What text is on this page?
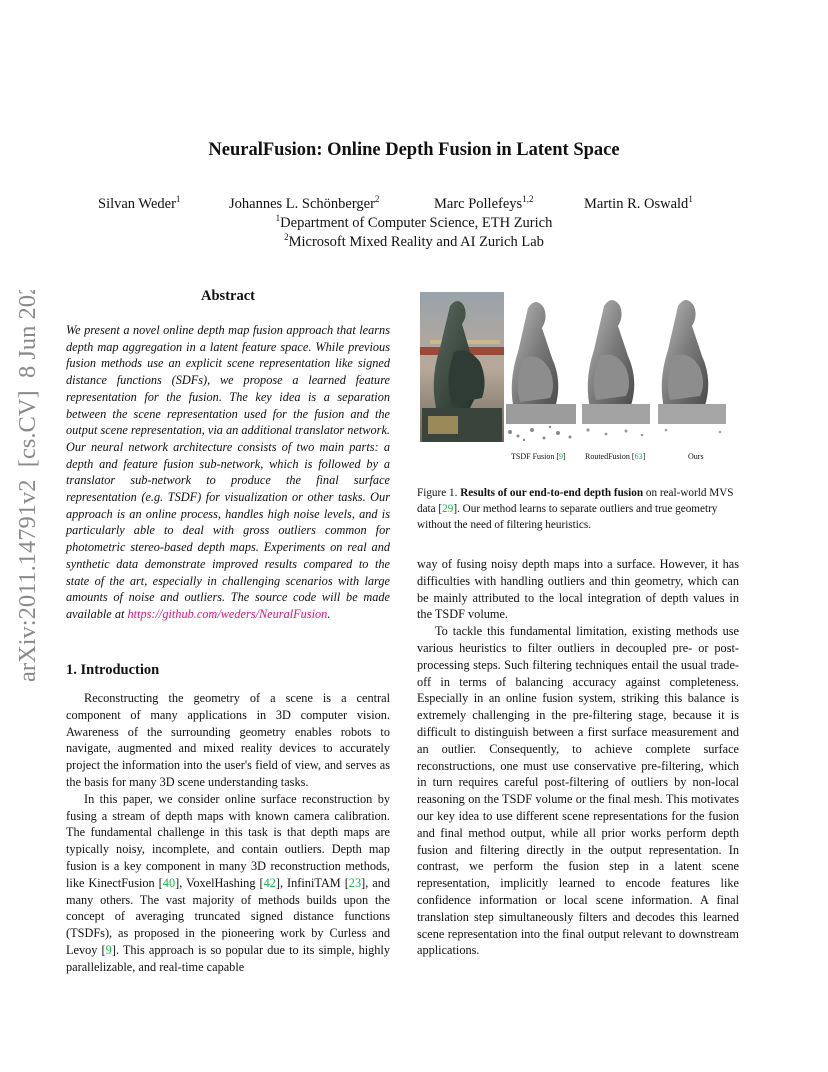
NeuralFusion: Online Depth Fusion in Latent Space
Silvan Weder$^1$	Johannes L. Schönberger$^2$	Marc Pollefeys$^{1,2}$	Martin R. Oswald$^1$
$^1$Department of Computer Science, ETH Zurich
$^2$Microsoft Mixed Reality and AI Zurich Lab
arXiv:2011.14791v2  [cs.CV]  8 Jun 2021	Abstract
We present a novel online depth map fusion approach that learns depth map aggregation in a latent feature space. While previous fusion methods use an explicit scene representation like signed distance functions (SDFs), we propose a learned feature representation for the fusion. The key idea is a separation between the scene representation used for the fusion and the output scene representation, via an additional translator network. Our neural network architecture consists of two main parts: a depth and feature fusion sub-network, which is followed by a translator sub-network to produce the final surface representation (e.g. TSDF) for visualization or other tasks. Our approach is an online process, handles high noise levels, and is particularly able to deal with gross outliers common for photometric stereo-based depth maps. Experiments on real and synthetic data demonstrate improved results compared to the state of the art, especially in challenging scenarios with large amounts of noise and outliers. The source code will be made available at https://github.com/weders/NeuralFusion.
1. Introduction

Reconstructing the geometry of a scene is a central component of many applications in 3D computer vision. Awareness of the surrounding geometry enables robots to navigate, augmented and mixed reality devices to accurately project the information into the user's field of view, and serves as the basis for many 3D scene understanding tasks.

In this paper, we consider online surface reconstruction by fusing a stream of depth maps with known camera calibration. The fundamental challenge in this task is that depth maps are typically noisy, incomplete, and contain outliers. Depth map fusion is a key component in many 3D reconstruction methods, like KinectFusion [40], VoxelHashing [42], InfiniTAM [23], and many others. The vast majority of methods builds upon the concept of averaging truncated signed distance functions (TSDFs), as proposed in the pioneering work by Curless and Levoy [9]. This approach is so popular due to its simple, highly parallelizable, and real-time capable

TSDF Fusion [9] RoutedFusion [63]	Ours
Figure 1. Results of our end-to-end depth fusion on real-world MVS data [29]. Our method learns to separate outliers and true geometry without the need of filtering heuristics.

way of fusing noisy depth maps into a surface. However, it has difficulties with handling outliers and thin geometry, which can be mainly attributed to the local integration of depth values in the TSDF volume.

To tackle this fundamental limitation, existing methods use various heuristics to filter outliers in decoupled pre- or post-processing steps. Such filtering techniques entail the usual trade-off in terms of balancing accuracy against completeness. Especially in an online fusion system, striking this balance is extremely challenging in the pre-filtering stage, because it is difficult to distinguish between a first surface measurement and an outlier. Consequently, to achieve complete surface reconstructions, one must use conservative pre-filtering, which in turn requires careful post-filtering of outliers by non-local reasoning on the TSDF volume or the final mesh. This motivates our key idea to use different scene representations for the fusion and final method output, while all prior works perform depth fusion and filtering directly in the output representation. In contrast, we perform the fusion step in a latent scene representation, implicitly learned to encode features like confidence information or local scene information. A final translation step simultaneously filters and decodes this learned scene representation into the final output relevant to downstream applications.
